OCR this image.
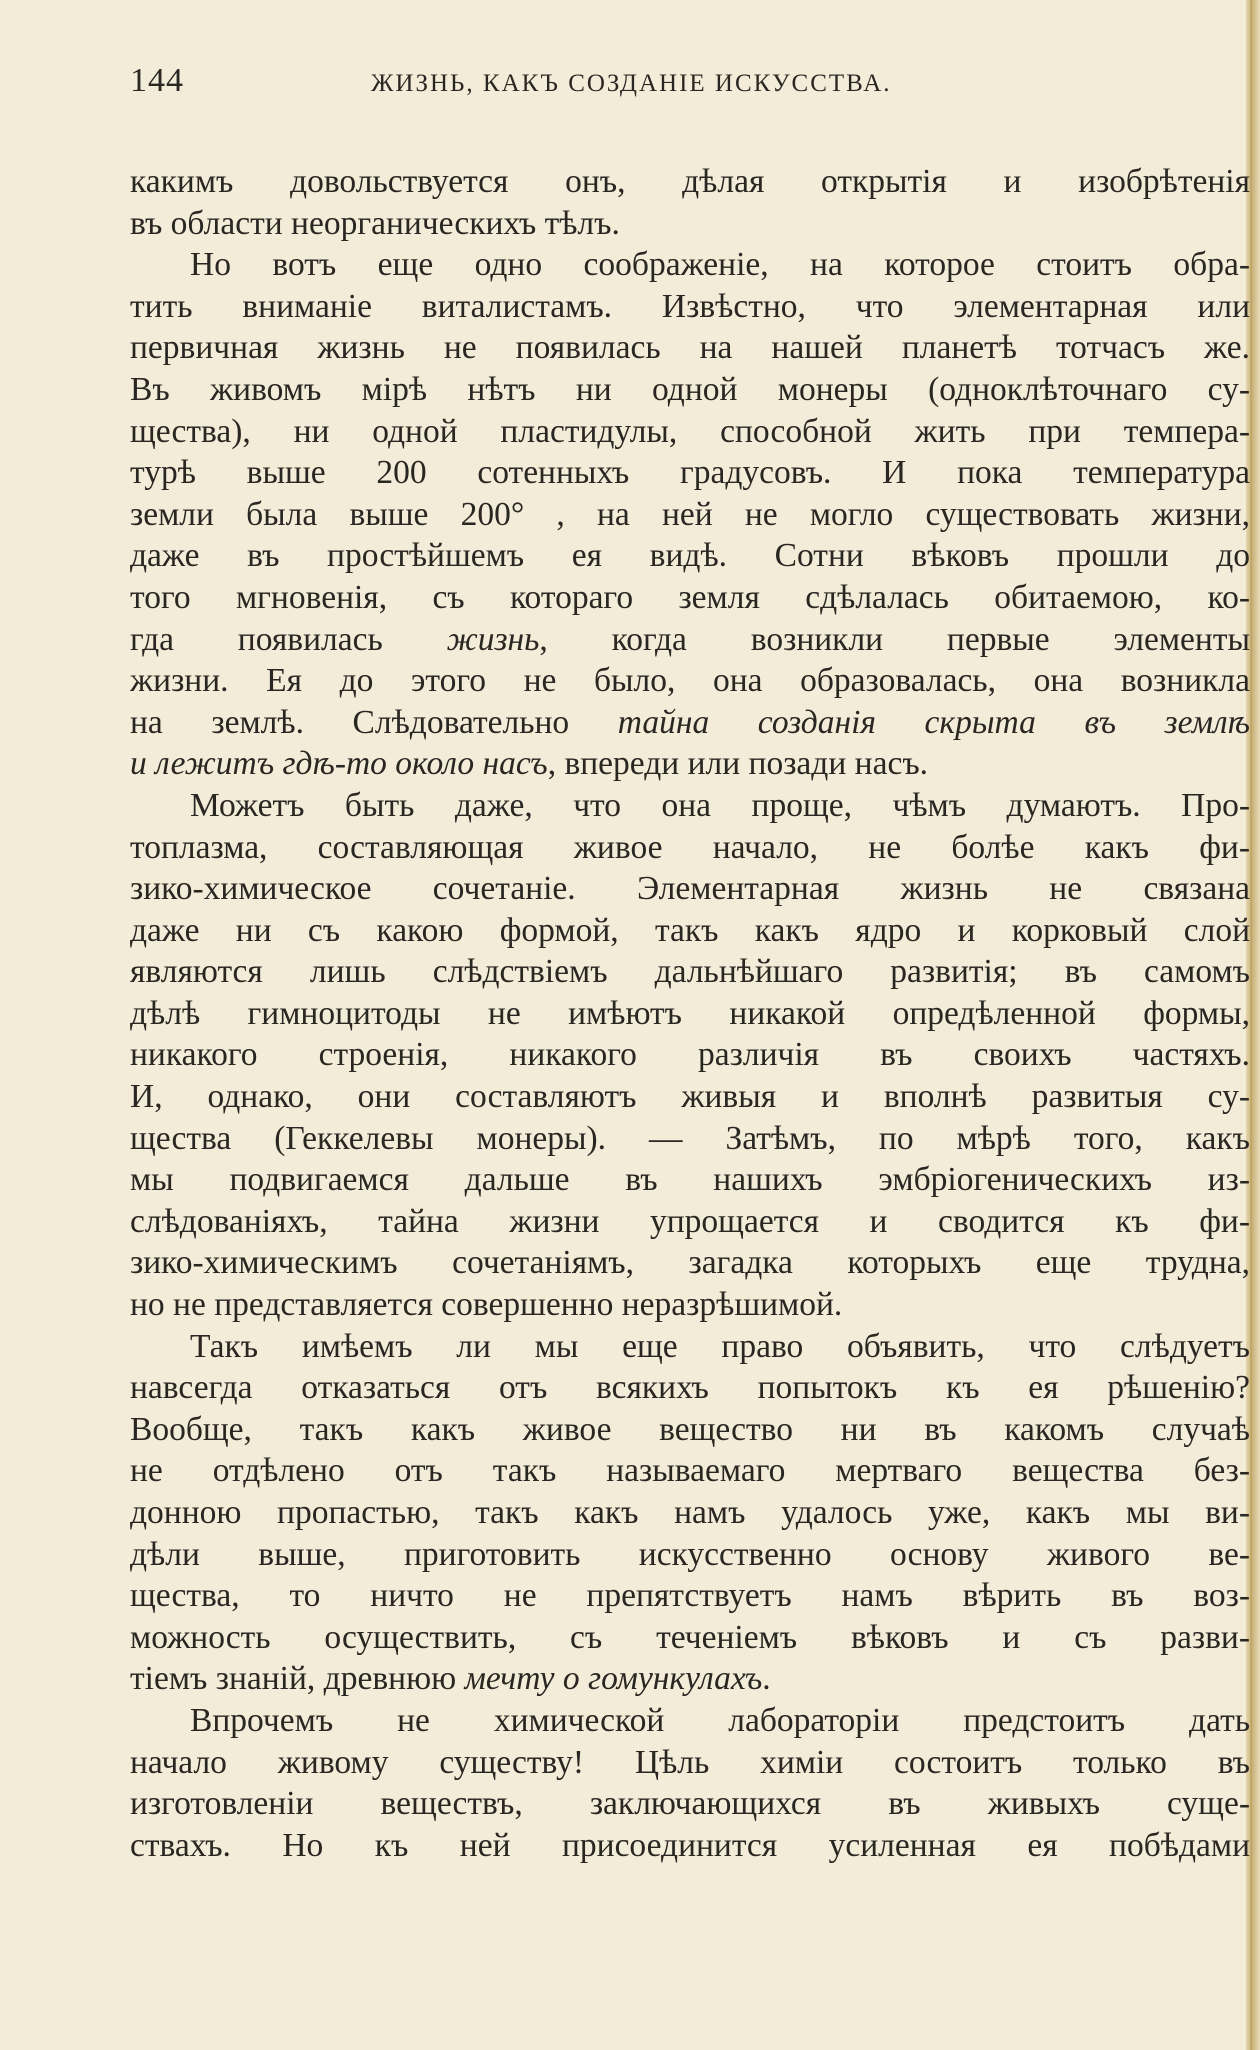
144	ЖИЗНЬ, КАКЪ СОЗДАНІЕ ИСКУССТВА.
какимъ довольствуется онъ, дѣлая открытія и изобрѣтенія
въ области неорганическихъ тѣлъ.
Но вотъ еще одно соображеніе, на которое стоитъ обра-
тить вниманіе виталистамъ. Извѣстно, что элементарная или
первичная жизнь не появилась на нашей планетѣ тотчасъ же.
Въ живомъ мірѣ нѣтъ ни одной монеры (одноклѣточнаго су-
щества), ни одной пластидулы, способной жить при темпера-
турѣ выше 200 сотенныхъ градусовъ. И пока температура
земли была выше 200° , на ней не могло существовать жизни,
даже въ простѣйшемъ ея видѣ. Сотни вѣковъ прошли до
того мгновенія, съ котораго земля сдѣлалась обитаемою, ко-
гда появилась жизнь, когда возникли первые элементы
жизни. Ея до этого не было, она образовалась, она возникла
на землѣ. Слѣдовательно тайна созданія скрыта въ землѣ
и лежитъ гдѣ-то около насъ, впереди или позади насъ.
Можетъ быть даже, что она проще, чѣмъ думаютъ. Про-
топлазма, составляющая живое начало, не болѣе какъ фи-
зико-химическое сочетаніе. Элементарная жизнь не связана
даже ни съ какою формой, такъ какъ ядро и корковый слой
являются лишь слѣдствіемъ дальнѣйшаго развитія; въ самомъ
дѣлѣ гимноцитоды не имѣютъ никакой опредѣленной формы,
никакого строенія, никакого различія въ своихъ частяхъ.
И, однако, они составляютъ живыя и вполнѣ развитыя су-
щества (Геккелевы монеры). — Затѣмъ, по мѣрѣ того, какъ
мы подвигаемся дальше въ нашихъ эмбріогеническихъ из-
слѣдованіяхъ, тайна жизни упрощается и сводится къ фи-
зико-химическимъ сочетаніямъ, загадка которыхъ еще трудна,
но не представляется совершенно неразрѣшимой.
Такъ имѣемъ ли мы еще право объявить, что слѣдуетъ
навсегда отказаться отъ всякихъ попытокъ къ ея рѣшенію?
Вообще, такъ какъ живое вещество ни въ какомъ случаѣ
не отдѣлено отъ такъ называемаго мертваго вещества без-
донною пропастью, такъ какъ намъ удалось уже, какъ мы ви-
дѣли выше, приготовить искусственно основу живого ве-
щества, то ничто не препятствуетъ намъ вѣрить въ воз-
можность осуществить, съ теченіемъ вѣковъ и съ разви-
тіемъ знаній, древнюю мечту о гомункулахъ.
Впрочемъ не химической лабораторіи предстоитъ дать
начало живому существу! Цѣль химіи состоитъ только въ
изготовленіи веществъ, заключающихся въ живыхъ суще-
ствахъ. Но къ ней присоединится усиленная ея побѣдами
